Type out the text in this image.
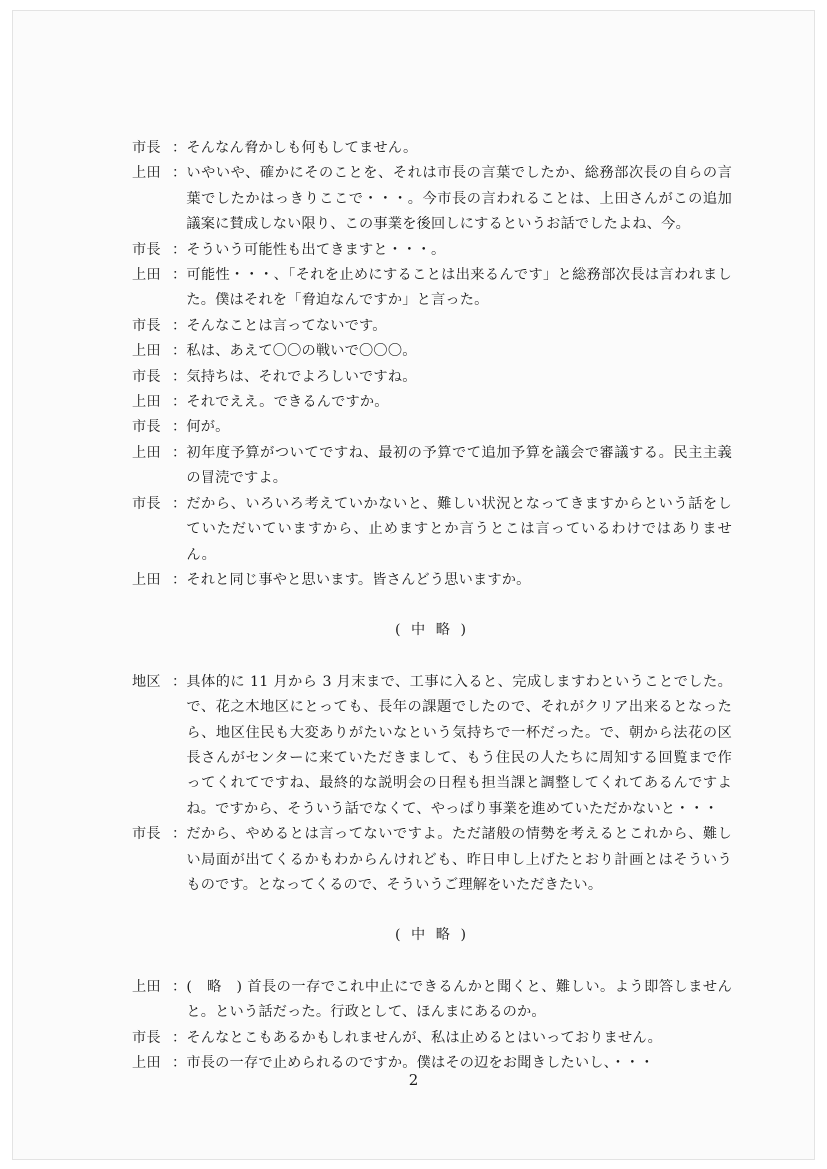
市長 ： そんなん脅かしも何もしてません。
上田 ： いやいや、確かにそのことを、それは市長の言葉でしたか、総務部次長の自らの言葉でしたかはっきりここで・・・。今市長の言われることは、上田さんがこの追加議案に賛成しない限り、この事業を後回しにするというお話でしたよね、今。
市長 ： そういう可能性も出てきますと・・・。
上田 ： 可能性・・・、「それを止めにすることは出来るんです」と総務部次長は言われました。僕はそれを「脅迫なんですか」と言った。
市長 ： そんなことは言ってないです。
上田 ： 私は、あえて〇〇の戦いで〇〇〇。
市長 ： 気持ちは、それでよろしいですね。
上田 ： それでええ。できるんですか。
市長 ： 何が。
上田 ： 初年度予算がついてですね、最初の予算でて追加予算を議会で審議する。民主主義の冒涜ですよ。
市長 ： だから、いろいろ考えていかないと、難しい状況となってきますからという話をしていただいていますから、止めますとか言うとこは言っているわけではありません。
上田 ： それと同じ事やと思います。皆さんどう思いますか。
( 中 略 )
地区 ： 具体的に 11 月から 3 月末まで、工事に入ると、完成しますわということでした。で、花之木地区にとっても、長年の課題でしたので、それがクリア出来るとなったら、地区住民も大変ありがたいなという気持ちで一杯だった。で、朝から法花の区長さんがセンターに来ていただきまして、もう住民の人たちに周知する回覧まで作ってくれてですね、最終的な説明会の日程も担当課と調整してくれてあるんですよね。ですから、そういう話でなくて、やっぱり事業を進めていただかないと・・・
市長 ： だから、やめるとは言ってないですよ。ただ諸般の情勢を考えるとこれから、難しい局面が出てくるかもわからんけれども、昨日申し上げたとおり計画とはそういうものです。となってくるので、そういうご理解をいただきたい。
( 中 略 )
上田 ： (　略　) 首長の一存でこれ中止にできるんかと聞くと、難しい。よう即答しませんと。という話だった。行政として、ほんまにあるのか。
市長 ： そんなとこもあるかもしれませんが、私は止めるとはいっておりません。
上田 ： 市長の一存で止められるのですか。僕はその辺をお聞きしたいし、・・・
2
